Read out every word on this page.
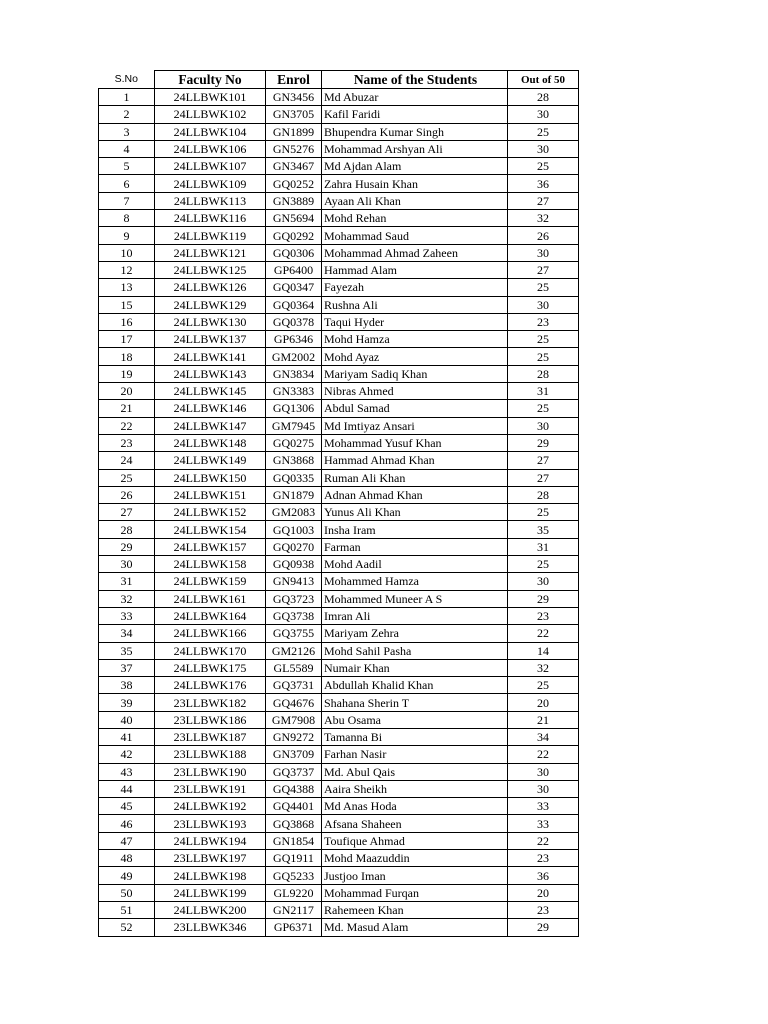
S.No	Faculty No	Enrol	Name of the Students	Out of 50
1	24LLBWK101	GN3456	Md Abuzar	28
2	24LLBWK102	GN3705	Kafil Faridi	30
3	24LLBWK104	GN1899	Bhupendra Kumar Singh	25
4	24LLBWK106	GN5276	Mohammad Arshyan Ali	30
5	24LLBWK107	GN3467	Md Ajdan Alam	25
6	24LLBWK109	GQ0252	Zahra Husain Khan	36
7	24LLBWK113	GN3889	Ayaan Ali Khan	27
8	24LLBWK116	GN5694	Mohd Rehan	32
9	24LLBWK119	GQ0292	Mohammad Saud	26
10	24LLBWK121	GQ0306	Mohammad Ahmad Zaheen	30
12	24LLBWK125	GP6400	Hammad Alam	27
13	24LLBWK126	GQ0347	Fayezah	25
15	24LLBWK129	GQ0364	Rushna Ali	30
16	24LLBWK130	GQ0378	Taqui Hyder	23
17	24LLBWK137	GP6346	Mohd Hamza	25
18	24LLBWK141	GM2002	Mohd Ayaz	25
19	24LLBWK143	GN3834	Mariyam Sadiq Khan	28
20	24LLBWK145	GN3383	Nibras Ahmed	31
21	24LLBWK146	GQ1306	Abdul Samad	25
22	24LLBWK147	GM7945	Md Imtiyaz Ansari	30
23	24LLBWK148	GQ0275	Mohammad Yusuf Khan	29
24	24LLBWK149	GN3868	Hammad Ahmad Khan	27
25	24LLBWK150	GQ0335	Ruman Ali Khan	27
26	24LLBWK151	GN1879	Adnan Ahmad Khan	28
27	24LLBWK152	GM2083	Yunus Ali Khan	25
28	24LLBWK154	GQ1003	Insha Iram	35
29	24LLBWK157	GQ0270	Farman	31
30	24LLBWK158	GQ0938	Mohd Aadil	25
31	24LLBWK159	GN9413	Mohammed Hamza	30
32	24LLBWK161	GQ3723	Mohammed Muneer A S	29
33	24LLBWK164	GQ3738	Imran Ali	23
34	24LLBWK166	GQ3755	Mariyam Zehra	22
35	24LLBWK170	GM2126	Mohd Sahil Pasha	14
37	24LLBWK175	GL5589	Numair Khan	32
38	24LLBWK176	GQ3731	Abdullah Khalid Khan	25
39	23LLBWK182	GQ4676	Shahana Sherin T	20
40	23LLBWK186	GM7908	Abu Osama	21
41	23LLBWK187	GN9272	Tamanna Bi	34
42	23LLBWK188	GN3709	Farhan Nasir	22
43	23LLBWK190	GQ3737	Md. Abul Qais	30
44	23LLBWK191	GQ4388	Aaira Sheikh	30
45	24LLBWK192	GQ4401	Md Anas Hoda	33
46	23LLBWK193	GQ3868	Afsana Shaheen	33
47	24LLBWK194	GN1854	Toufique Ahmad	22
48	23LLBWK197	GQ1911	Mohd Maazuddin	23
49	24LLBWK198	GQ5233	Justjoo Iman	36
50	24LLBWK199	GL9220	Mohammad Furqan	20
51	24LLBWK200	GN2117	Rahemeen Khan	23
52	23LLBWK346	GP6371	Md. Masud Alam	29
